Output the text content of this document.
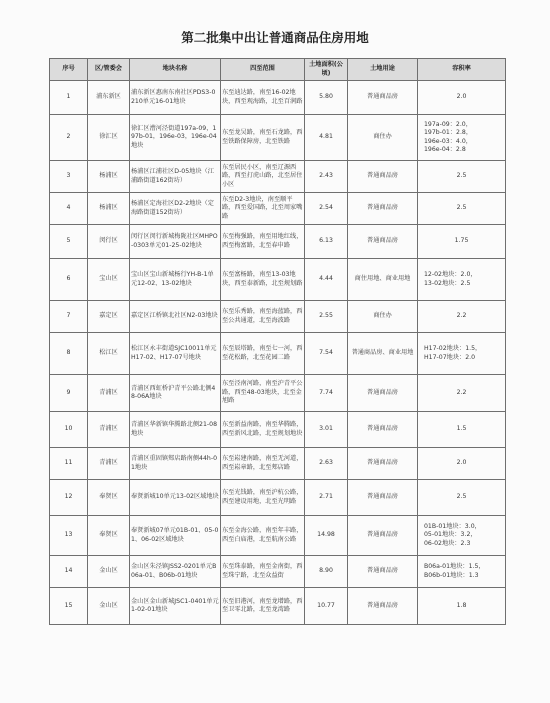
第二批集中出让普通商品住房用地
序号	区/管委会	地块名称	四至范围	土地面积(公顷)	土地用途	容积率
1	浦东新区	浦东新区惠南东南社区PDS3-0210单元16-01地块	东至迪达路，南至16-02地块，西至观海路，北至百润路	5.80	普通商品房	2.0

2	徐汇区	徐汇区漕河泾街道197a-09，197b-01，196e-03，196e-04地块	东至龙吴路，南至石龙路，西至铁路保障房，北至铁路	4.81	商住办	197a-09：2.0，
197b-01：2.8，
196e-03：4.0，
196e-04：2.8

3	杨浦区	杨浦区江浦社区D-05地块（江浦路街道162街坊）	东至居民小区，南至辽源西路，西至打虎山路，北至居住小区	2.43	普通商品房	2.5

4	杨浦区	杨浦区定海社区D2-2地块（定海路街道152街坊）	东至D2-3地块，南至顺平路，西至爱国路，北至周家嘴路	2.54	普通商品房	2.5

5	闵行区	闵行区闵行新城梅陇社区MHPO-0303单元01-25-02地块	东至梅强路，南至用地红线，西至梅富路，北至春申路	6.13	普通商品房	1.75

6	宝山区	宝山区宝山新城杨行YH-B-1单元12-02、13-02地块	东至富杨路，南至13-03地块，西至泰新路，北至规划路	4.44	商住用地、商业用地	12-02地块：2.0，
13-02地块：2.5

7	嘉定区	嘉定区江桥镇北社区N2-03地块	东至乐秀路，南至海蓝路，西至公共通道，北至海波路	2.55	商住办	2.2

8	松江区	松江区永丰街道SJC10011单元H17-02、H17-07号地块	东至辰塔路，南至七一河，西至花松路，北至花园二路	7.54	普通商品房、商业用地	H17-02地块：1.5，
H17-07地块：2.0

9	青浦区	青浦区西虹桥沪青平公路北侧48-06A地块	东至泾南河路，南至沪青平公路，西至48-03地块，北至金旭路	7.74	普通商品房	2.2

10	青浦区	青浦区华新镇华腾路北侧21-08地块	东至新益南路，南至华腾路，西至新风北路，北至规划地块	3.01	普通商品房	1.5

11	青浦区	青浦区重固镇郏店路南侧44h-01地块	东至崧建南路，南至无河道，西至崧章路，北至郏店路	2.63	普通商品房	2.0

12	奉贤区	奉贤新城10单元13-02区域地块	东至光钱路，南至沪杭公路，西至建设用地，北至光明路	2.71	普通商品房	2.5

13	奉贤区	奉贤新城07单元01B-01、05-01、06-02区域地块	东至金海公路，南至年丰路，西至白庙港，北至航南公路	14.98	普通商品房	01B-01地块：3.0，
05-01地块：3.2，
06-02地块：2.3

14	金山区	金山区朱泾镇JSS2-0201单元B06a-01、B06b-01地块	东至珠泰路，南至金南街，西至珠宁路，北至众益街	8.90	普通商品房	B06a-01地块：1.5，
B06b-01地块：1.3

15	金山区	金山区金山新城JSC1-0401单元1-02-01地块	东至旧港河，南至龙增路，西至卫零北路，北至龙湾路	10.77	普通商品房	1.8
